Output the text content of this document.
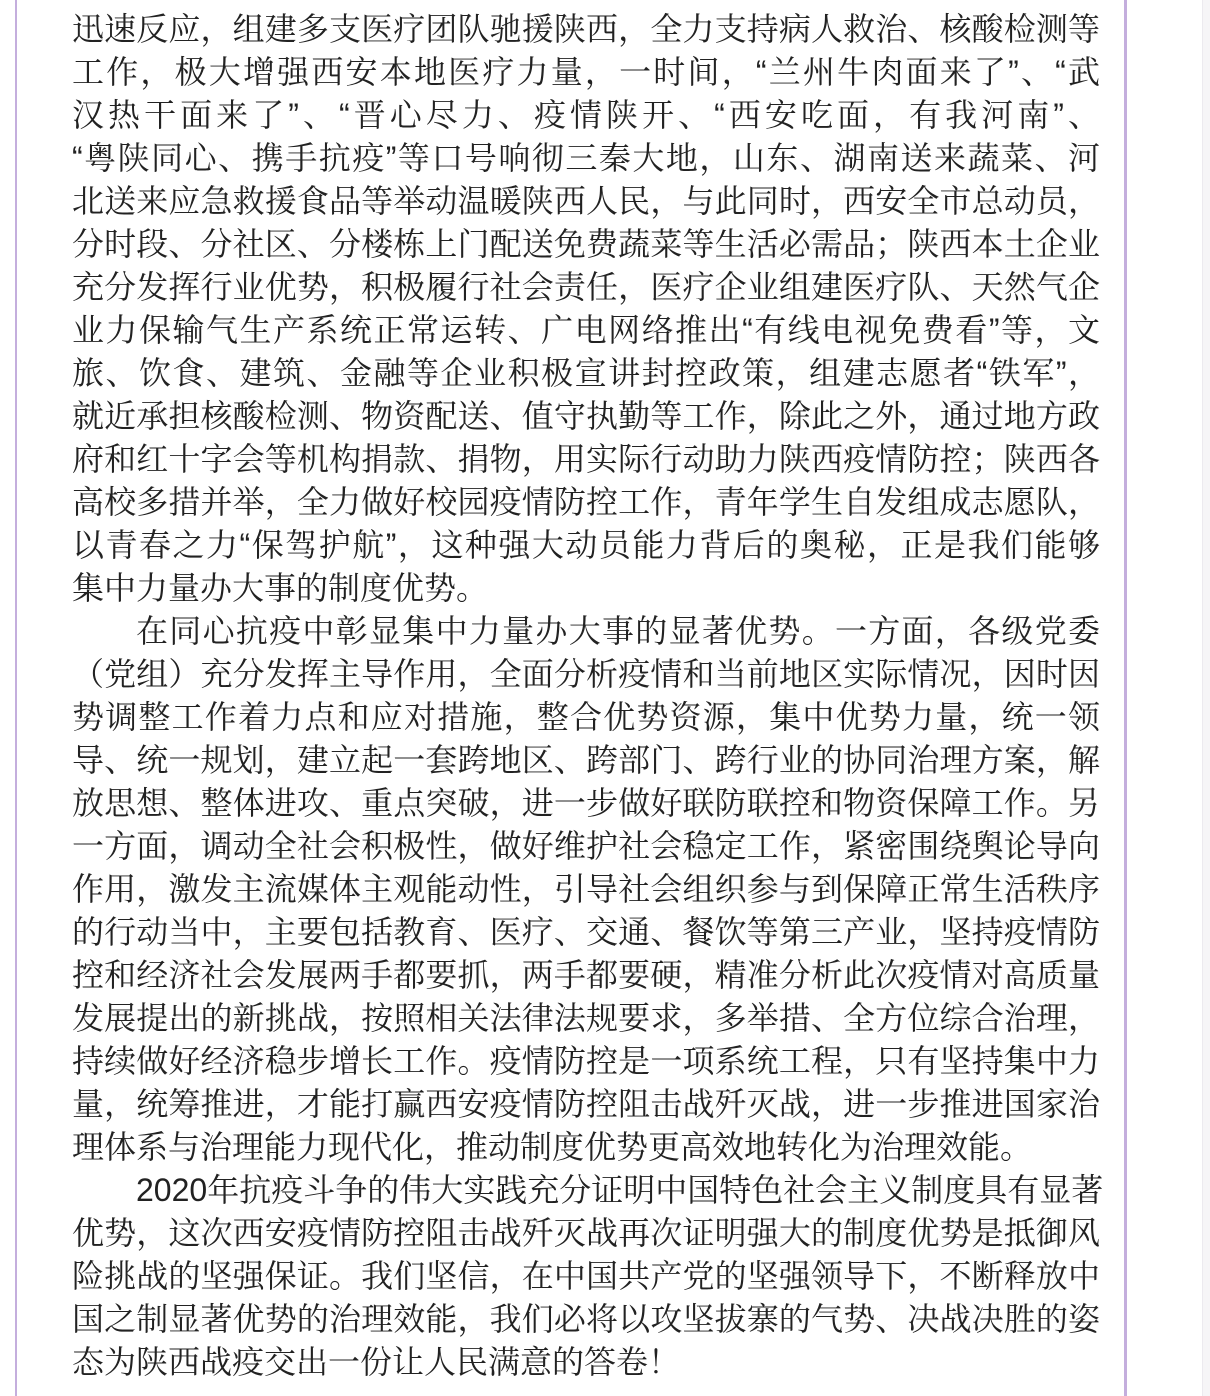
迅速反应，组建多支医疗团队驰援陕西，全力支持病人救治、核酸检测等
工作，极大增强西安本地医疗力量，一时间，“兰州牛肉面来了”、“武
汉热干面来了”、“晋心尽力、疫情陕开、“西安吃面，有我河南”、
“粤陕同心、携手抗疫”等口号响彻三秦大地，山东、湖南送来蔬菜、河
北送来应急救援食品等举动温暖陕西人民，与此同时，西安全市总动员，
分时段、分社区、分楼栋上门配送免费蔬菜等生活必需品；陕西本土企业
充分发挥行业优势，积极履行社会责任，医疗企业组建医疗队、天然气企
业力保输气生产系统正常运转、广电网络推出“有线电视免费看”等，文
旅、饮食、建筑、金融等企业积极宣讲封控政策，组建志愿者“铁军”，
就近承担核酸检测、物资配送、值守执勤等工作，除此之外，通过地方政
府和红十字会等机构捐款、捐物，用实际行动助力陕西疫情防控；陕西各
高校多措并举，全力做好校园疫情防控工作，青年学生自发组成志愿队，
以青春之力“保驾护航”，这种强大动员能力背后的奥秘，正是我们能够
集中力量办大事的制度优势。
在同心抗疫中彰显集中力量办大事的显著优势。一方面，各级党委
（党组）充分发挥主导作用，全面分析疫情和当前地区实际情况，因时因
势调整工作着力点和应对措施，整合优势资源，集中优势力量，统一领
导、统一规划，建立起一套跨地区、跨部门、跨行业的协同治理方案，解
放思想、整体进攻、重点突破，进一步做好联防联控和物资保障工作。另
一方面，调动全社会积极性，做好维护社会稳定工作，紧密围绕舆论导向
作用，激发主流媒体主观能动性，引导社会组织参与到保障正常生活秩序
的行动当中，主要包括教育、医疗、交通、餐饮等第三产业，坚持疫情防
控和经济社会发展两手都要抓，两手都要硬，精准分析此次疫情对高质量
发展提出的新挑战，按照相关法律法规要求，多举措、全方位综合治理，
持续做好经济稳步增长工作。疫情防控是一项系统工程，只有坚持集中力
量，统筹推进，才能打赢西安疫情防控阻击战歼灭战，进一步推进国家治
理体系与治理能力现代化，推动制度优势更高效地转化为治理效能。
2020年抗疫斗争的伟大实践充分证明中国特色社会主义制度具有显著
优势，这次西安疫情防控阻击战歼灭战再次证明强大的制度优势是抵御风
险挑战的坚强保证。我们坚信，在中国共产党的坚强领导下，不断释放中
国之制显著优势的治理效能，我们必将以攻坚拔寨的气势、决战决胜的姿
态为陕西战疫交出一份让人民满意的答卷！
